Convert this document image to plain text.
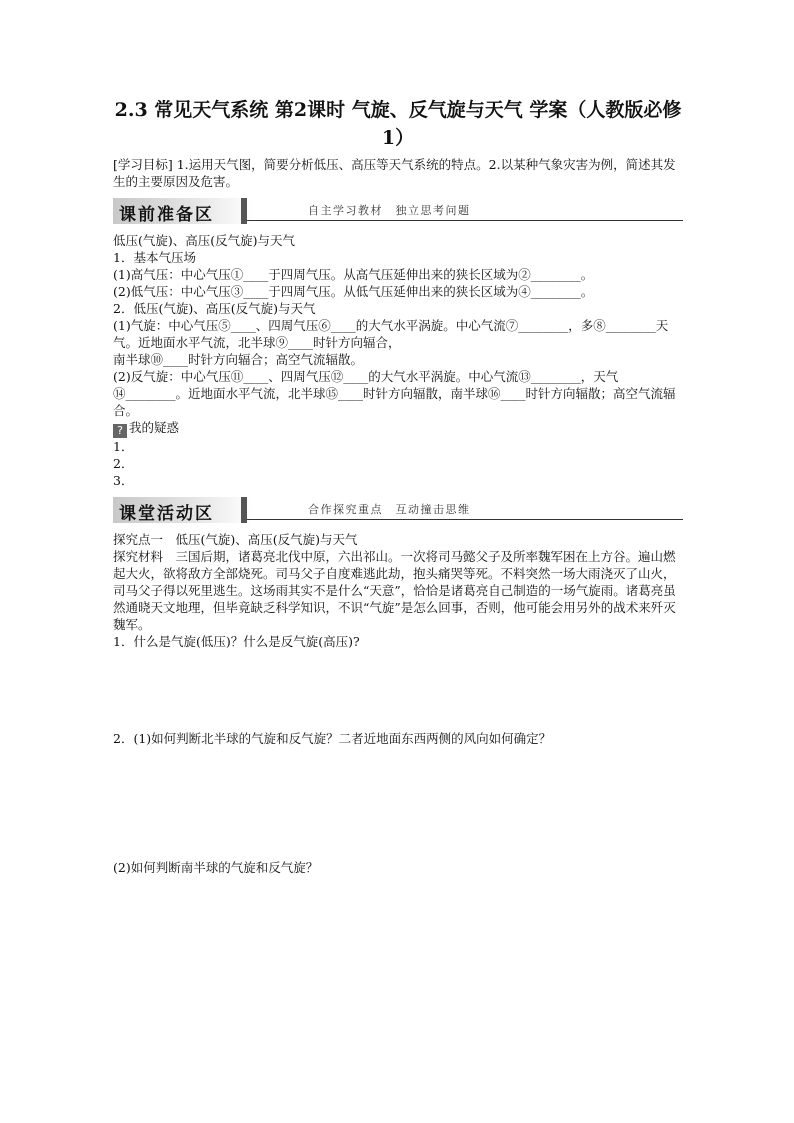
2.3 常见天气系统 第2课时 气旋、反气旋与天气 学案（人教版必修1）

[学习目标] 1.运用天气图，简要分析低压、高压等天气系统的特点。2.以某种气象灾害为例，简述其发生的主要原因及危害。

课前准备区	自主学习教材　独立思考问题

低压(气旋)、高压(反气旋)与天气

1．基本气压场

(1)高气压：中心气压①____于四周气压。从高气压延伸出来的狭长区域为②________。

(2)低气压：中心气压③____于四周气压。从低气压延伸出来的狭长区域为④________。

2．低压(气旋)、高压(反气旋)与天气

(1)气旋：中心气压⑤____、四周气压⑥____的大气水平涡旋。中心气流⑦________，多⑧________天气。近地面水平气流，北半球⑨____时针方向辐合，

南半球⑩____时针方向辐合；高空气流辐散。

(2)反气旋：中心气压⑪____、四周气压⑫____的大气水平涡旋。中心气流⑬________，天气⑭________。近地面水平气流，北半球⑮____时针方向辐散，南半球⑯____时针方向辐散；高空气流辐合。

? 我的疑惑

1．

2．

3．

课堂活动区	合作探究重点　互动撞击思维

探究点一　低压(气旋)、高压(反气旋)与天气

探究材料　三国后期，诸葛亮北伐中原，六出祁山。一次将司马懿父子及所率魏军困在上方谷。遍山燃起大火，欲将敌方全部烧死。司马父子自度难逃此劫，抱头痛哭等死。不料突然一场大雨浇灭了山火，司马父子得以死里逃生。这场雨其实不是什么“天意”，恰恰是诸葛亮自己制造的一场气旋雨。诸葛亮虽然通晓天文地理，但毕竟缺乏科学知识，不识“气旋”是怎么回事，否则，他可能会用另外的战术来歼灭魏军。

1．什么是气旋(低压)？什么是反气旋(高压)?

2．(1)如何判断北半球的气旋和反气旋？二者近地面东西两侧的风向如何确定？

(2)如何判断南半球的气旋和反气旋？
